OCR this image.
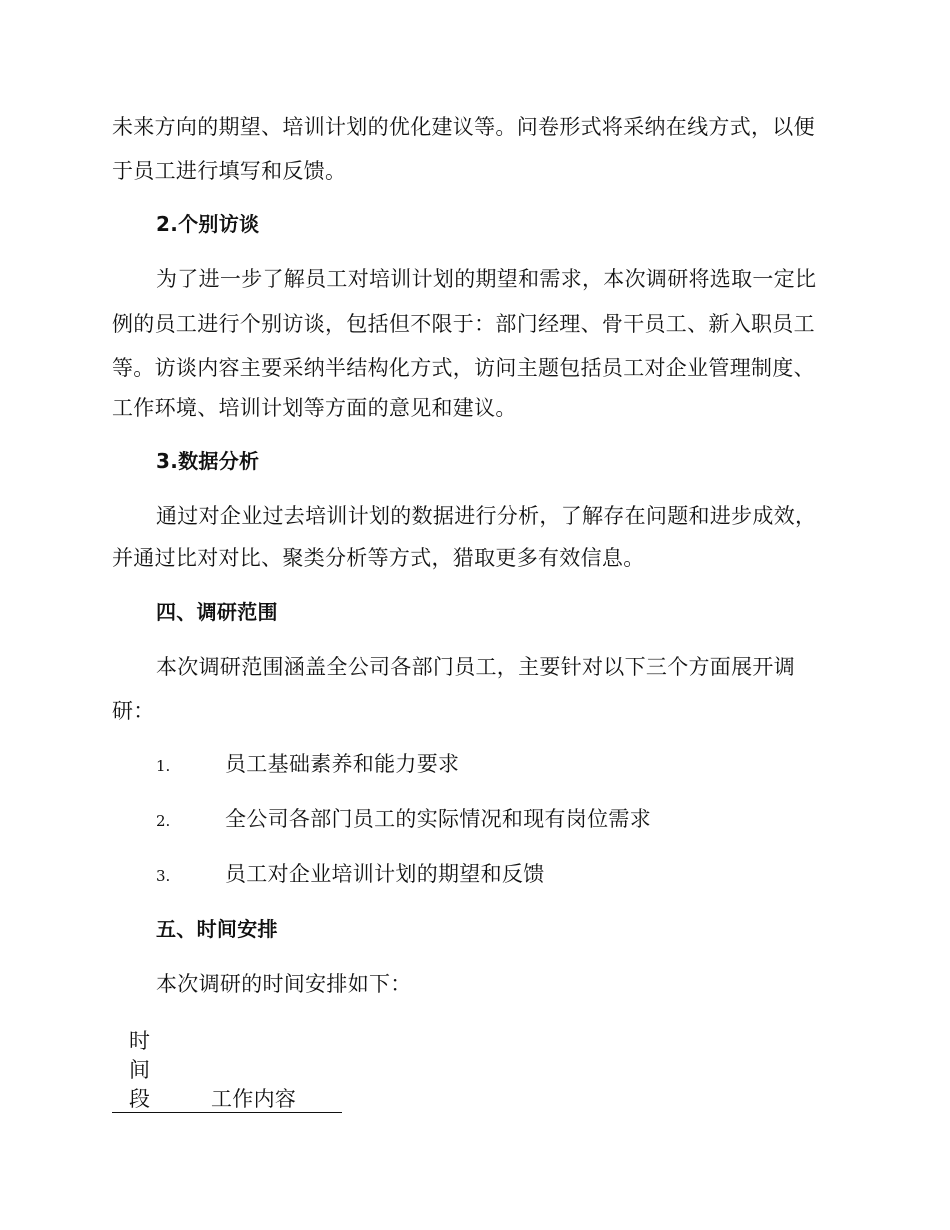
未来方向的期望、培训计划的优化建议等。问卷形式将采纳在线方式，以便
于员工进行填写和反馈。
2.个别访谈
为了进一步了解员工对培训计划的期望和需求，本次调研将选取一定比
例的员工进行个别访谈，包括但不限于：部门经理、骨干员工、新入职员工
等。访谈内容主要采纳半结构化方式，访问主题包括员工对企业管理制度、
工作环境、培训计划等方面的意见和建议。
3.数据分析
通过对企业过去培训计划的数据进行分析，了解存在问题和进步成效，
并通过比对对比、聚类分析等方式，猎取更多有效信息。
四、调研范围
本次调研范围涵盖全公司各部门员工，主要针对以下三个方面展开调
研：
1.	员工基础素养和能力要求
2.	全公司各部门员工的实际情况和现有岗位需求
3.	员工对企业培训计划的期望和反馈
五、时间安排
本次调研的时间安排如下：
时
间
段	工作内容
